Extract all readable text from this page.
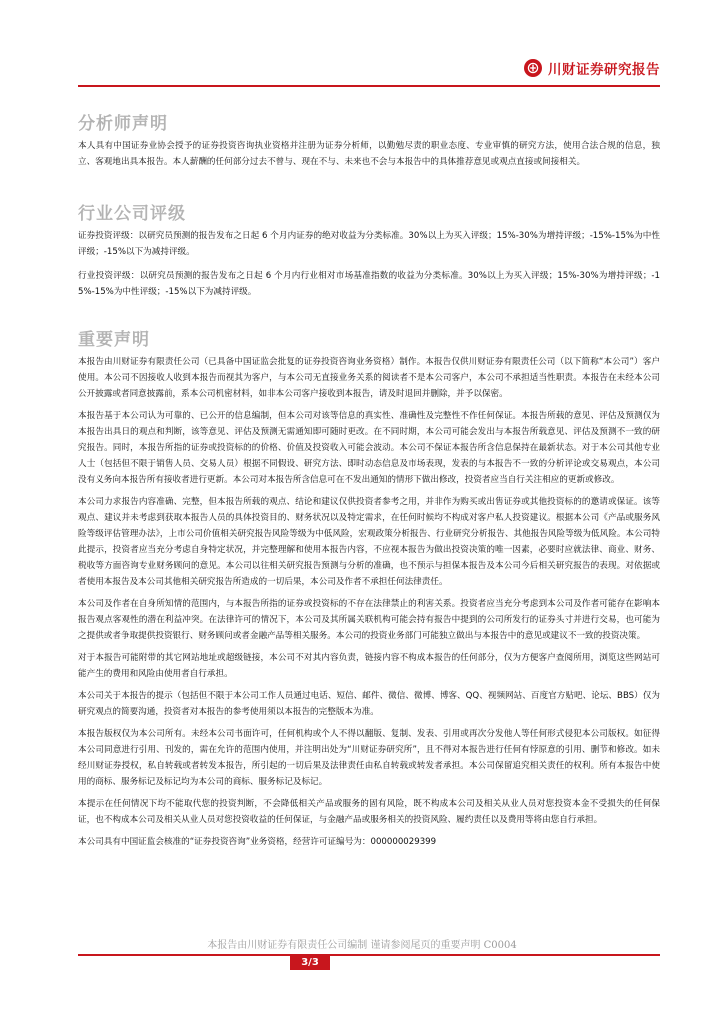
川财证券研究报告
分析师声明

本人具有中国证券业协会授予的证券投资咨询执业资格并注册为证券分析师，以勤勉尽责的职业态度、专业审慎的研究方法，使用合法合规的信息，独立、客观地出具本报告。本人薪酬的任何部分过去不曾与、现在不与、未来也不会与本报告中的具体推荐意见或观点直接或间接相关。

行业公司评级

证券投资评级：以研究员预测的报告发布之日起 6 个月内证券的绝对收益为分类标准。30%以上为买入评级；15%-30%为增持评级；-15%-15%为中性评级；-15%以下为减持评级。

行业投资评级：以研究员预测的报告发布之日起 6 个月内行业相对市场基准指数的收益为分类标准。30%以上为买入评级；15%-30%为增持评级；-15%-15%为中性评级；-15%以下为减持评级。

重要声明

本报告由川财证券有限责任公司（已具备中国证监会批复的证券投资咨询业务资格）制作。本报告仅供川财证券有限责任公司（以下简称“本公司”）客户使用。本公司不因接收人收到本报告而视其为客户，与本公司无直接业务关系的阅读者不是本公司客户，本公司不承担适当性职责。本报告在未经本公司公开披露或者同意披露前，系本公司机密材料，如非本公司客户接收到本报告，请及时退回并删除，并予以保密。

本报告基于本公司认为可靠的、已公开的信息编制，但本公司对该等信息的真实性、准确性及完整性不作任何保证。本报告所载的意见、评估及预测仅为本报告出具日的观点和判断，该等意见、评估及预测无需通知即可随时更改。在不同时期，本公司可能会发出与本报告所载意见、评估及预测不一致的研究报告。同时，本报告所指的证券或投资标的的价格、价值及投资收入可能会波动。本公司不保证本报告所含信息保持在最新状态。对于本公司其他专业人士（包括但不限于销售人员、交易人员）根据不同假设、研究方法、即时动态信息及市场表现，发表的与本报告不一致的分析评论或交易观点，本公司没有义务向本报告所有接收者进行更新。本公司对本报告所含信息可在不发出通知的情形下做出修改，投资者应当自行关注相应的更新或修改。

本公司力求报告内容准确、完整，但本报告所载的观点、结论和建议仅供投资者参考之用，并非作为购买或出售证券或其他投资标的的邀请或保证。该等观点、建议并未考虑到获取本报告人员的具体投资目的、财务状况以及特定需求，在任何时候均不构成对客户私人投资建议。根据本公司《产品或服务风险等级评估管理办法》，上市公司价值相关研究报告风险等级为中低风险，宏观政策分析报告、行业研究分析报告、其他报告风险等级为低风险。本公司特此提示，投资者应当充分考虑自身特定状况，并完整理解和使用本报告内容，不应视本报告为做出投资决策的唯一因素，必要时应就法律、商业、财务、税收等方面咨询专业财务顾问的意见。本公司以往相关研究报告预测与分析的准确，也不预示与担保本报告及本公司今后相关研究报告的表现。对依据或者使用本报告及本公司其他相关研究报告所造成的一切后果，本公司及作者不承担任何法律责任。

本公司及作者在自身所知情的范围内，与本报告所指的证券或投资标的不存在法律禁止的利害关系。投资者应当充分考虑到本公司及作者可能存在影响本报告观点客观性的潜在利益冲突。在法律许可的情况下，本公司及其所属关联机构可能会持有报告中提到的公司所发行的证券头寸并进行交易，也可能为之提供或者争取提供投资银行、财务顾问或者金融产品等相关服务。本公司的投资业务部门可能独立做出与本报告中的意见或建议不一致的投资决策。

对于本报告可能附带的其它网站地址或超级链接，本公司不对其内容负责，链接内容不构成本报告的任何部分，仅为方便客户查阅所用，浏览这些网站可能产生的费用和风险由使用者自行承担。

本公司关于本报告的提示（包括但不限于本公司工作人员通过电话、短信、邮件、微信、微博、博客、QQ、视频网站、百度官方贴吧、论坛、BBS）仅为研究观点的简要沟通，投资者对本报告的参考使用须以本报告的完整版本为准。

本报告版权仅为本公司所有。未经本公司书面许可，任何机构或个人不得以翻版、复制、发表、引用或再次分发他人等任何形式侵犯本公司版权。如征得本公司同意进行引用、刊发的，需在允许的范围内使用，并注明出处为“川财证券研究所”，且不得对本报告进行任何有悖原意的引用、删节和修改。如未经川财证券授权，私自转载或者转发本报告，所引起的一切后果及法律责任由私自转载或转发者承担。本公司保留追究相关责任的权利。所有本报告中使用的商标、服务标记及标记均为本公司的商标、服务标记及标记。

本提示在任何情况下均不能取代您的投资判断，不会降低相关产品或服务的固有风险，既不构成本公司及相关从业人员对您投资本金不受损失的任何保证，也不构成本公司及相关从业人员对您投资收益的任何保证，与金融产品或服务相关的投资风险、履约责任以及费用等将由您自行承担。

本公司具有中国证监会核准的“证券投资咨询”业务资格，经营许可证编号为：000000029399

本报告由川财证券有限责任公司编制 谨请参阅尾页的重要声明 C0004
3/3
